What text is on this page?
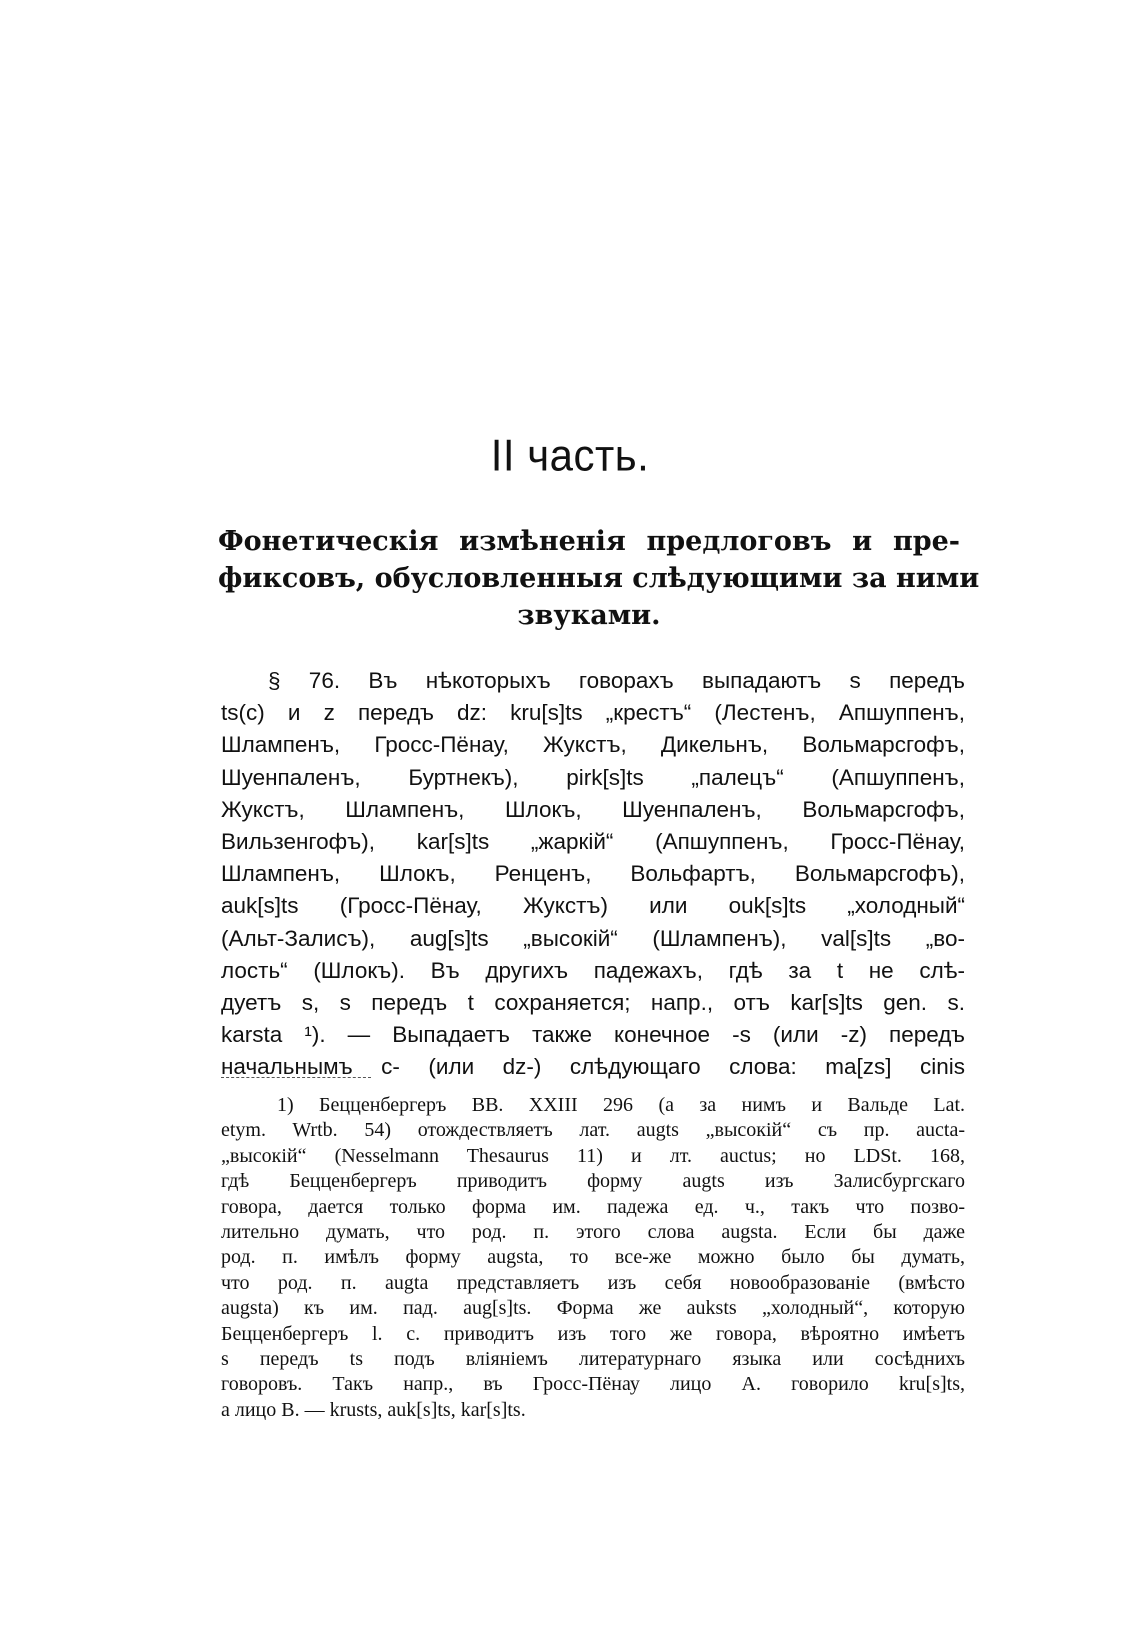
II часть.
Фонетическія измѣненія предлоговъ и пре-
фиксовъ, обусловленныя слѣдующими за ними
звуками.
§ 76. Въ нѣкоторыхъ говорахъ выпадаютъ s передъ
ts(c) и z передъ dz: kru[s]ts „крестъ“ (Лестенъ, Апшуппенъ,
Шлампенъ, Гросс-Пёнау, Жукстъ, Дикельнъ, Вольмарсгофъ,
Шуенпаленъ, Буртнекъ), pirk[s]ts „палецъ“ (Апшуппенъ,
Жукстъ, Шлампенъ, Шлокъ, Шуенпаленъ, Вольмарсгофъ,
Вильзенгофъ), kar[s]ts „жаркій“ (Апшуппенъ, Гросс-Пёнау,
Шлампенъ, Шлокъ, Ренценъ, Вольфартъ, Вольмарсгофъ),
auk[s]ts (Гросс-Пёнау, Жукстъ) или ouk[s]ts „холодный“
(Альт-Залисъ), aug[s]ts „высокій“ (Шлампенъ), val[s]ts „во-
лость“ (Шлокъ). Въ другихъ падежахъ, гдѣ за t не слѣ-
дуетъ s, s передъ t сохраняется; напр., отъ kar[s]ts gen. s.
karsta ¹). — Выпадаетъ также конечное -s (или -z) передъ
начальнымъ c- (или dz-) слѣдующаго слова: ma[zs] cinis
1) Бецценбергеръ BB. XXIII 296 (а за нимъ и Вальде Lat.
etym. Wrtb. 54) отождествляетъ лат. augts „высокій“ съ пр. aucta-
„высокій“ (Nesselmann Thesaurus 11) и лт. auctus; но LDSt. 168,
гдѣ Бецценбергеръ приводитъ форму augts изъ Залисбургскаго
говора, дается только форма им. падежа ед. ч., такъ что позво-
лительно думать, что род. п. этого слова augsta. Если бы даже
род. п. имѣлъ форму augsta, то все-же можно было бы думать,
что род. п. augta представляетъ изъ себя новообразованіе (вмѣсто
augsta) къ им. пад. aug[s]ts. Форма же auksts „холодный“, которую
Бецценбергеръ l. c. приводитъ изъ того же говора, вѣроятно имѣетъ
s передъ ts подъ вліяніемъ литературнаго языка или сосѣднихъ
говоровъ. Такъ напр., въ Гросс-Пёнау лицо А. говорило kru[s]ts,
а лицо В. — krusts, auk[s]ts, kar[s]ts.
